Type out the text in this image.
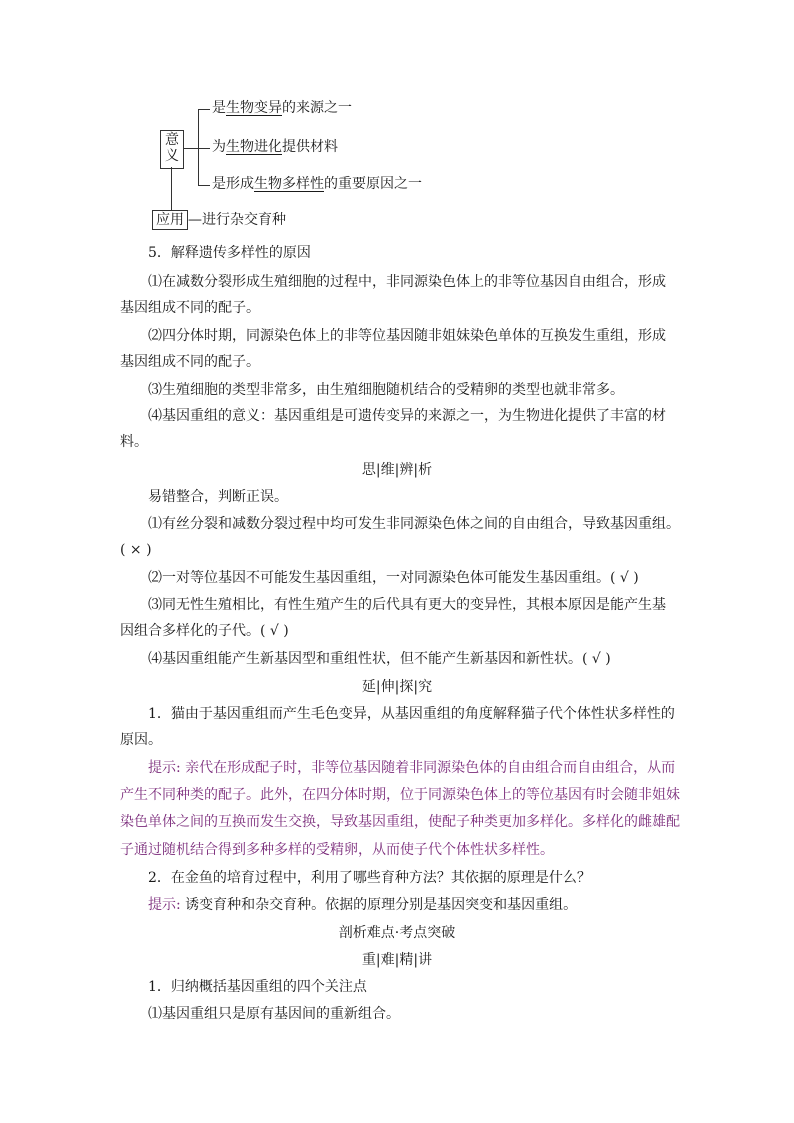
意
义
是生物变异的来源之一
为生物进化提供材料
是形成生物多样性的重要原因之一
应用 —进行杂交育种
5．解释遗传多样性的原因
⑴在减数分裂形成生殖细胞的过程中，非同源染色体上的非等位基因自由组合，形成
基因组成不同的配子。
⑵四分体时期，同源染色体上的非等位基因随非姐妹染色单体的互换发生重组，形成
基因组成不同的配子。
⑶生殖细胞的类型非常多，由生殖细胞随机结合的受精卵的类型也就非常多。
⑷基因重组的意义：基因重组是可遗传变异的来源之一，为生物进化提供了丰富的材
料。
思|维|辨|析
易错整合，判断正误。
⑴有丝分裂和减数分裂过程中均可发生非同源染色体之间的自由组合，导致基因重组。
( × )
⑵一对等位基因不可能发生基因重组，一对同源染色体可能发生基因重组。( √ )
⑶同无性生殖相比，有性生殖产生的后代具有更大的变异性，其根本原因是能产生基
因组合多样化的子代。( √ )
⑷基因重组能产生新基因型和重组性状，但不能产生新基因和新性状。( √ )
延|伸|探|究
1．猫由于基因重组而产生毛色变异，从基因重组的角度解释猫子代个体性状多样性的
原因。
提示: 亲代在形成配子时，非等位基因随着非同源染色体的自由组合而自由组合，从而
产生不同种类的配子。此外，在四分体时期，位于同源染色体上的等位基因有时会随非姐妹
染色单体之间的互换而发生交换，导致基因重组，使配子种类更加多样化。多样化的雌雄配
子通过随机结合得到多种多样的受精卵，从而使子代个体性状多样性。
2．在金鱼的培育过程中，利用了哪些育种方法？其依据的原理是什么？
提示: 诱变育种和杂交育种。依据的原理分别是基因突变和基因重组。
剖析难点·考点突破
重|难|精|讲
1．归纳概括基因重组的四个关注点
⑴基因重组只是原有基因间的重新组合。
